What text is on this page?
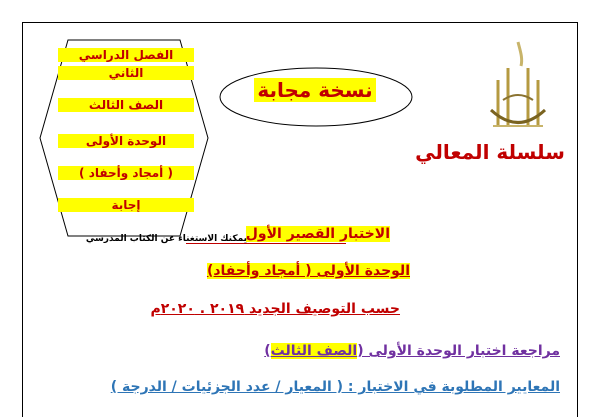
الفصل الدراسي
الثاني
الصف الثالث
الوحدة الأولى
( أمجاد وأحفاد )
إجابة
نسخة مجابة
سلسلة المعالي
الاختبار القصير الأول
يمكنك الاستغناء عن الكتاب المدرسي
الوحدة الأولى ( أمجاد وأحفاد)
حسب التوصيف الجديد ٢٠١٩ . ٢٠٢٠م
مراجعة اختبار الوحدة الأولى (الصف الثالث)
المعايير المطلوبة في الاختبار : ( المعيار / عدد الجزئيات / الدرجة )
